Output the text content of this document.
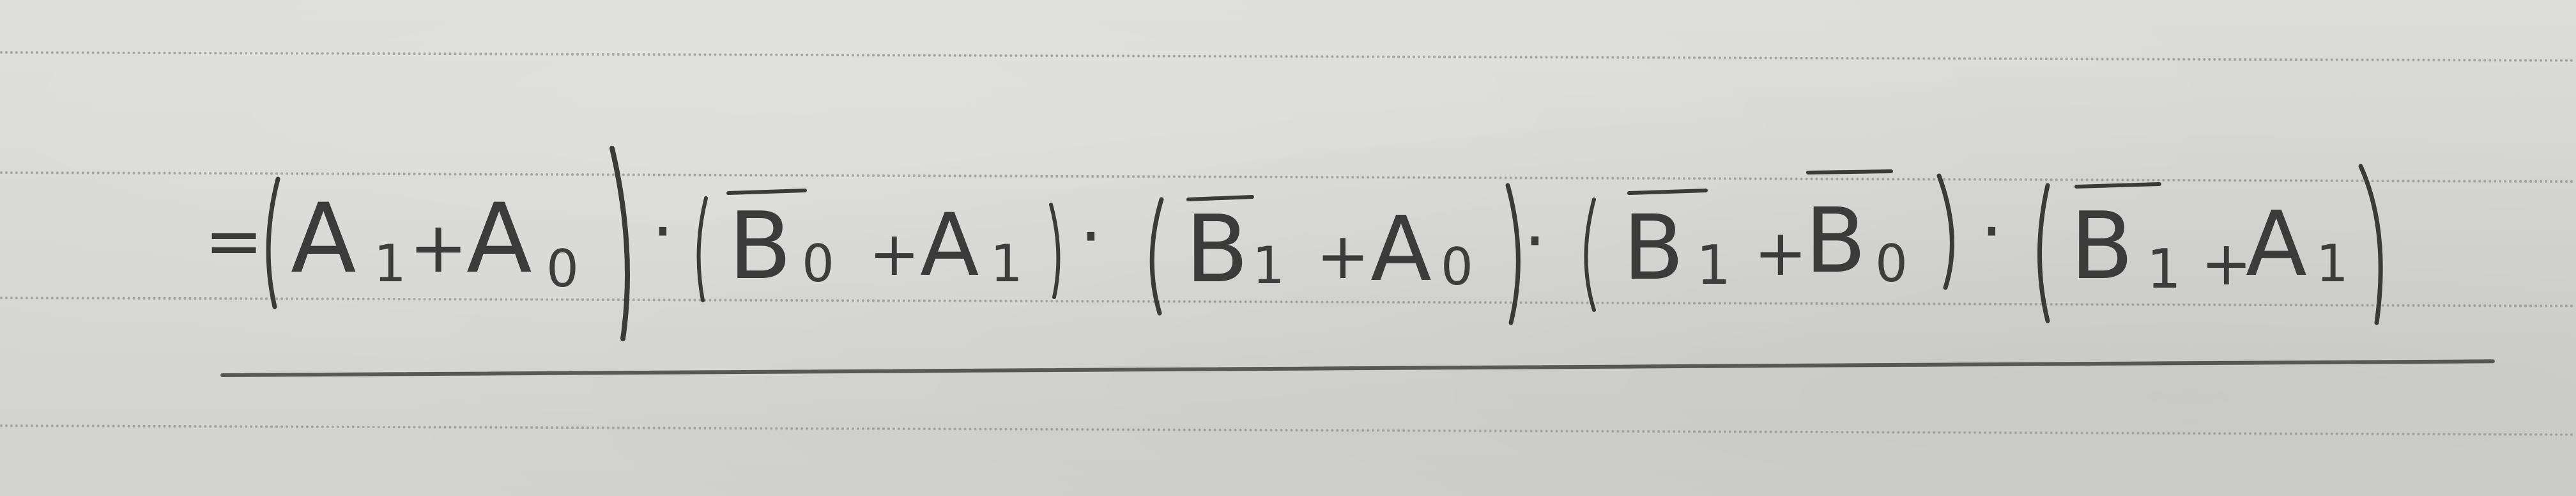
= A 1 +
A 0 · B 0 + A 1 · B 1 + A 0 · B 1 +
B 0 · B 1 +
A 1
